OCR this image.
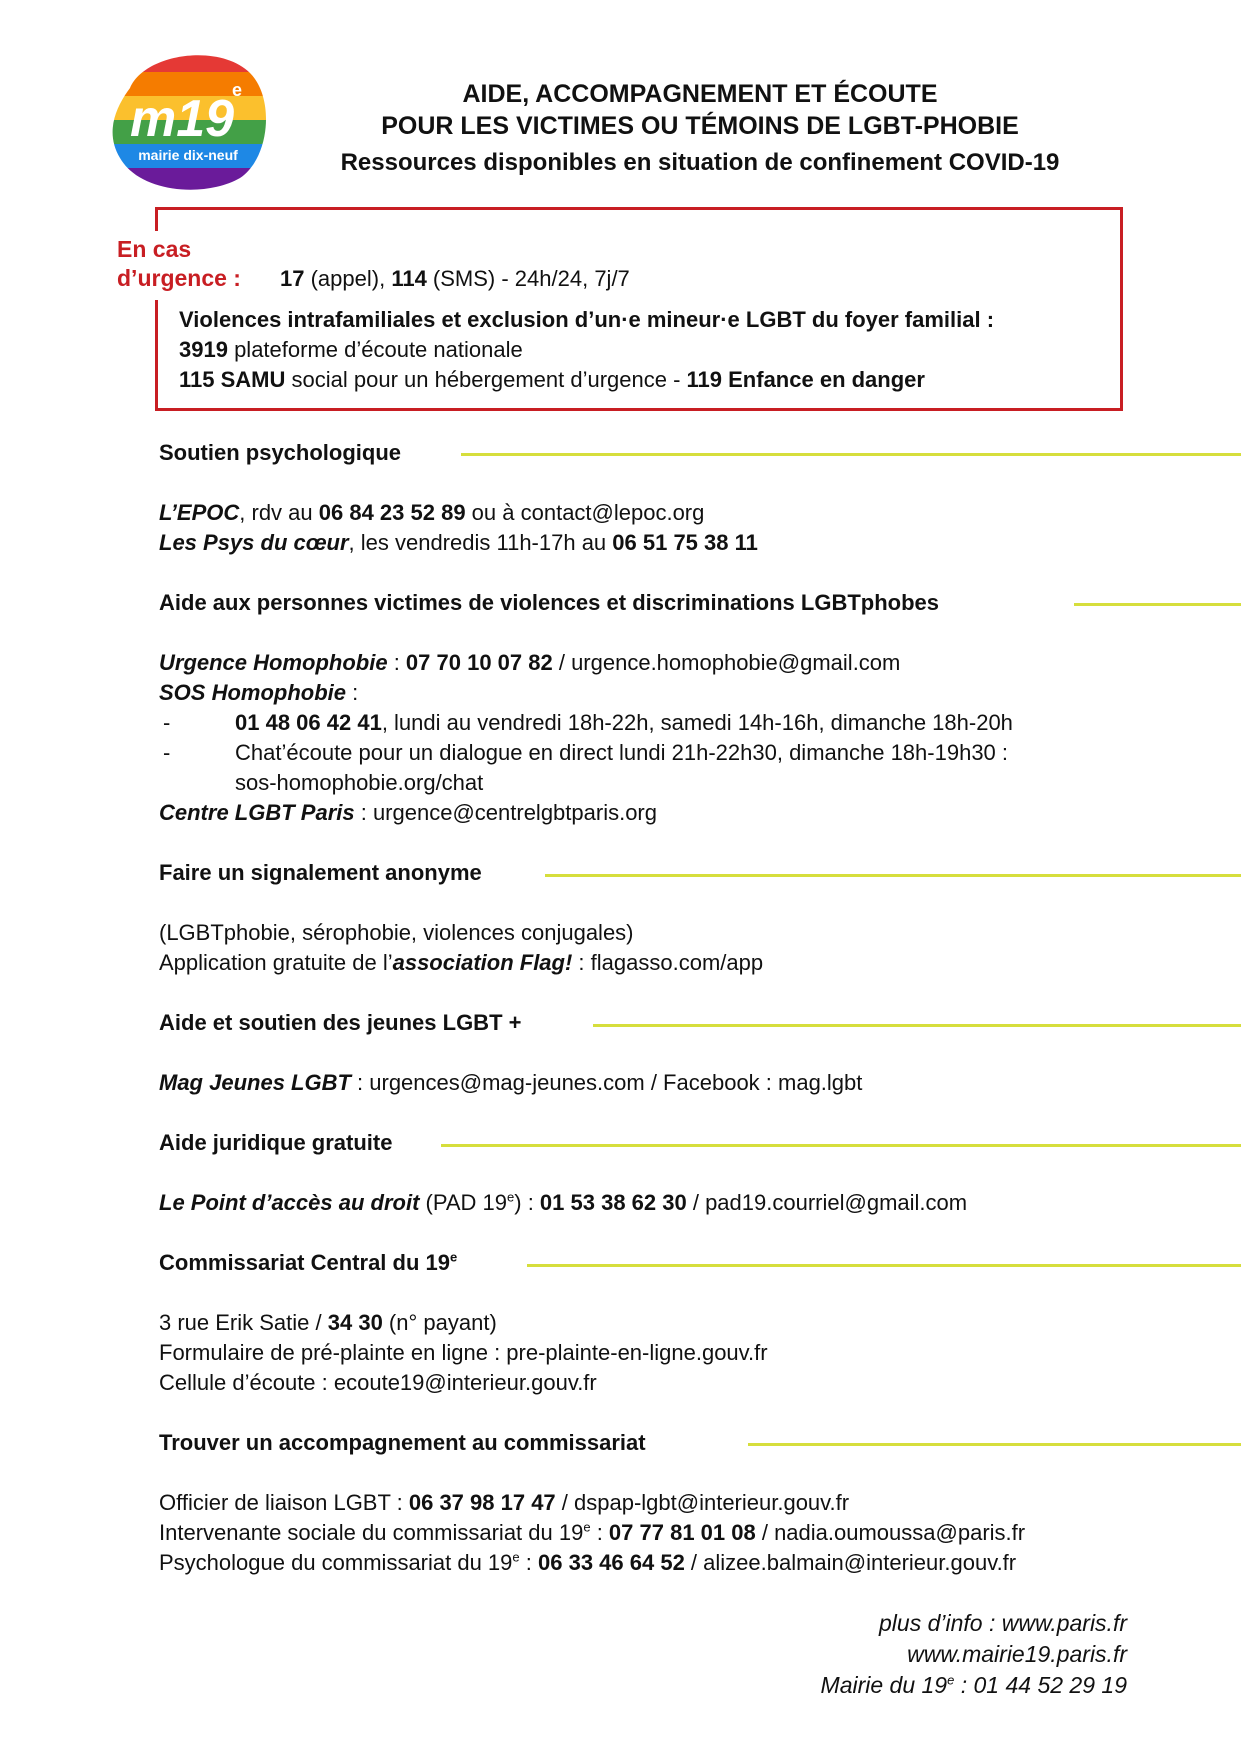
m19
e
mairie dix-neuf
AIDE, ACCOMPAGNEMENT ET ÉCOUTE
POUR LES VICTIMES OU TÉMOINS DE LGBT-PHOBIE
Ressources disponibles en situation de confinement COVID-19
En cas
d’urgence : 17 (appel), 114 (SMS) - 24h/24, 7j/7
Violences intrafamiliales et exclusion d’un·e mineur·e LGBT du foyer familial :
3919 plateforme d’écoute nationale
115 SAMU social pour un hébergement d’urgence - 119 Enfance en danger
Soutien psychologique
L’EPOC, rdv au 06 84 23 52 89 ou à contact@lepoc.org
Les Psys du cœur, les vendredis 11h-17h au 06 51 75 38 11
Aide aux personnes victimes de violences et discriminations LGBTphobes
Urgence Homophobie : 07 70 10 07 82 / urgence.homophobie@gmail.com
SOS Homophobie :
-	01 48 06 42 41, lundi au vendredi 18h-22h, samedi 14h-16h, dimanche 18h-20h
-	Chat’écoute pour un dialogue en direct lundi 21h-22h30, dimanche 18h-19h30 :
sos-homophobie.org/chat
Centre LGBT Paris : urgence@centrelgbtparis.org
Faire un signalement anonyme
(LGBTphobie, sérophobie, violences conjugales)
Application gratuite de l’association Flag! : flagasso.com/app
Aide et soutien des jeunes LGBT +
Mag Jeunes LGBT : urgences@mag-jeunes.com / Facebook : mag.lgbt
Aide juridique gratuite
Le Point d’accès au droit (PAD 19e) : 01 53 38 62 30 / pad19.courriel@gmail.com
Commissariat Central du 19e
3 rue Erik Satie / 34 30 (n° payant)
Formulaire de pré-plainte en ligne : pre-plainte-en-ligne.gouv.fr
Cellule d’écoute : ecoute19@interieur.gouv.fr
Trouver un accompagnement au commissariat
Officier de liaison LGBT : 06 37 98 17 47 / dspap-lgbt@interieur.gouv.fr
Intervenante sociale du commissariat du 19e : 07 77 81 01 08 / nadia.oumoussa@paris.fr
Psychologue du commissariat du 19e : 06 33 46 64 52 / alizee.balmain@interieur.gouv.fr
plus d’info : www.paris.fr
www.mairie19.paris.fr
Mairie du 19e : 01 44 52 29 19
